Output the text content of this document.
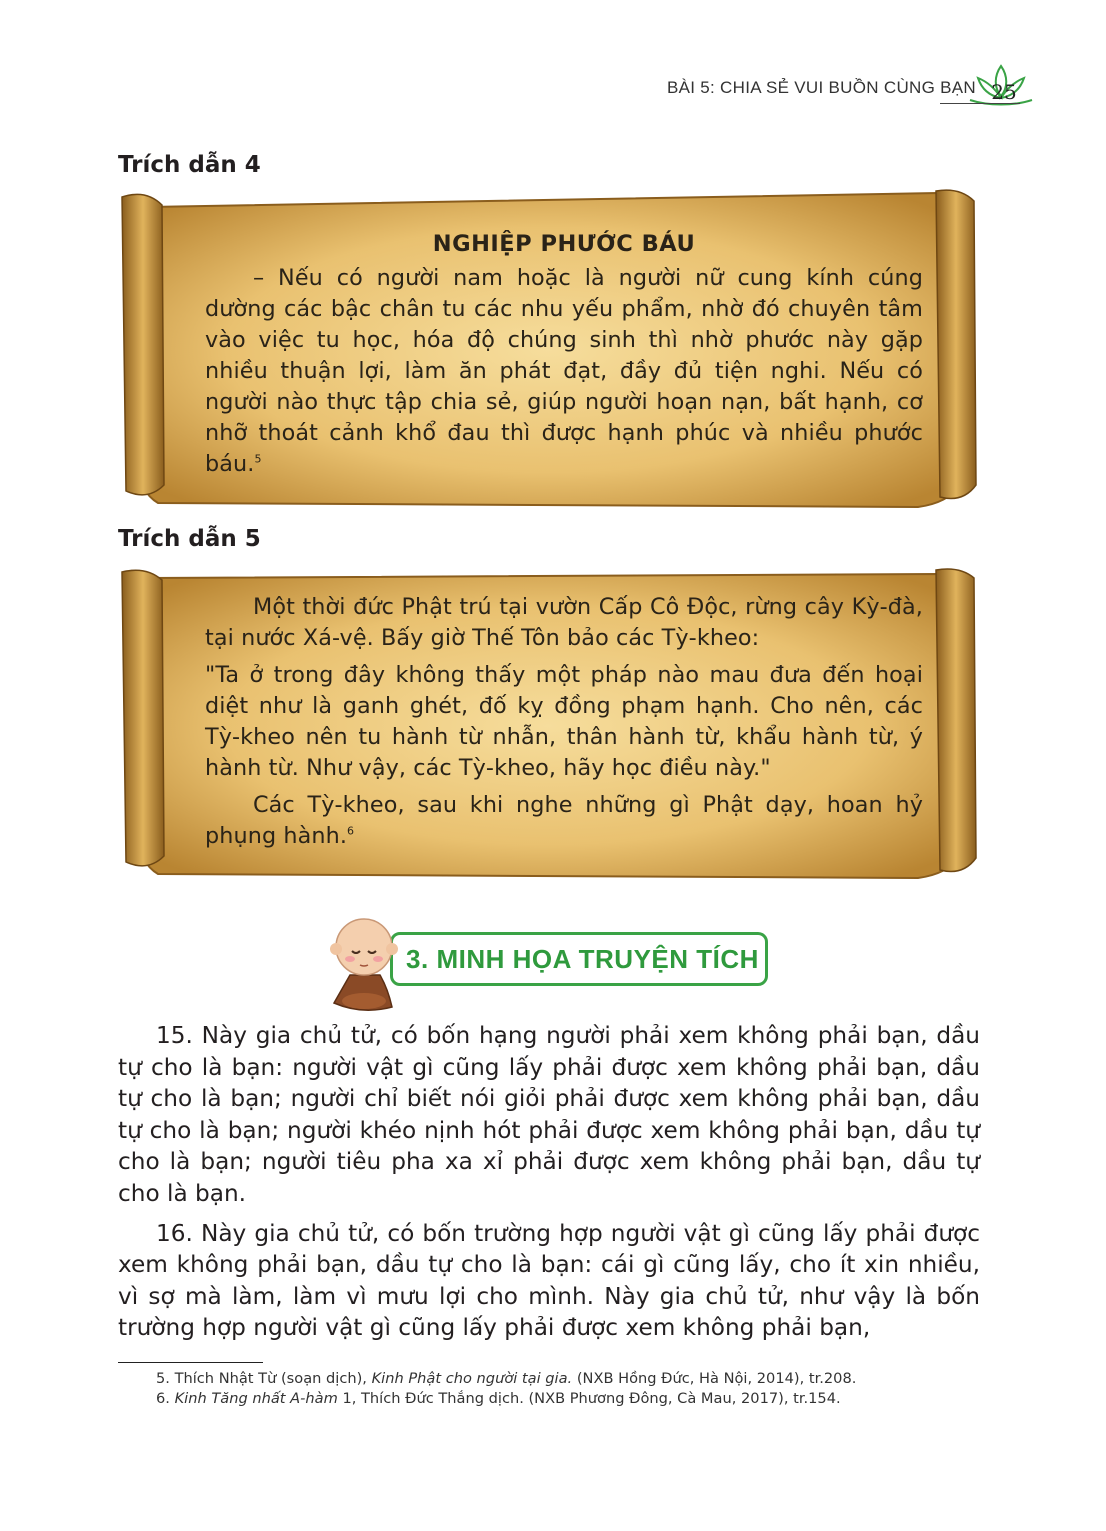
BÀI 5: CHIA SẺ VUI BUỒN CÙNG BẠN 25
Trích dẫn 4
NGHIỆP PHƯỚC BÁU

– Nếu có người nam hoặc là người nữ cung kính cúng dường các bậc chân tu các nhu yếu phẩm, nhờ đó chuyên tâm vào việc tu học, hóa độ chúng sinh thì nhờ phước này gặp nhiều thuận lợi, làm ăn phát đạt, đầy đủ tiện nghi. Nếu có người nào thực tập chia sẻ, giúp người hoạn nạn, bất hạnh, cơ nhỡ thoát cảnh khổ đau thì được hạnh phúc và nhiều phước báu.$^5$

Trích dẫn 5

Một thời đức Phật trú tại vườn Cấp Cô Độc, rừng cây Kỳ-đà, tại nước Xá-vệ. Bấy giờ Thế Tôn bảo các Tỳ-kheo:

"Ta ở trong đây không thấy một pháp nào mau đưa đến hoại diệt như là ganh ghét, đố kỵ đồng phạm hạnh. Cho nên, các Tỳ-kheo nên tu hành từ nhẫn, thân hành từ, khẩu hành từ, ý hành từ. Như vậy, các Tỳ-kheo, hãy học điều này."

Các Tỳ-kheo, sau khi nghe những gì Phật dạy, hoan hỷ phụng hành.$^6$

3. MINH HỌA TRUYỆN TÍCH

15. Này gia chủ tử, có bốn hạng người phải xem không phải bạn, dầu tự cho là bạn: người vật gì cũng lấy phải được xem không phải bạn, dầu tự cho là bạn; người chỉ biết nói giỏi phải được xem không phải bạn, dầu tự cho là bạn; người khéo nịnh hót phải được xem không phải bạn, dầu tự cho là bạn; người tiêu pha xa xỉ phải được xem không phải bạn, dầu tự cho là bạn.

16. Này gia chủ tử, có bốn trường hợp người vật gì cũng lấy phải được xem không phải bạn, dầu tự cho là bạn: cái gì cũng lấy, cho ít xin nhiều, vì sợ mà làm, làm vì mưu lợi cho mình. Này gia chủ tử, như vậy là bốn trường hợp người vật gì cũng lấy phải được xem không phải bạn,

5. Thích Nhật Từ (soạn dịch), Kinh Phật cho người tại gia. (NXB Hồng Đức, Hà Nội, 2014), tr.208.

6. Kinh Tăng nhất A-hàm 1, Thích Đức Thắng dịch. (NXB Phương Đông, Cà Mau, 2017), tr.154.
